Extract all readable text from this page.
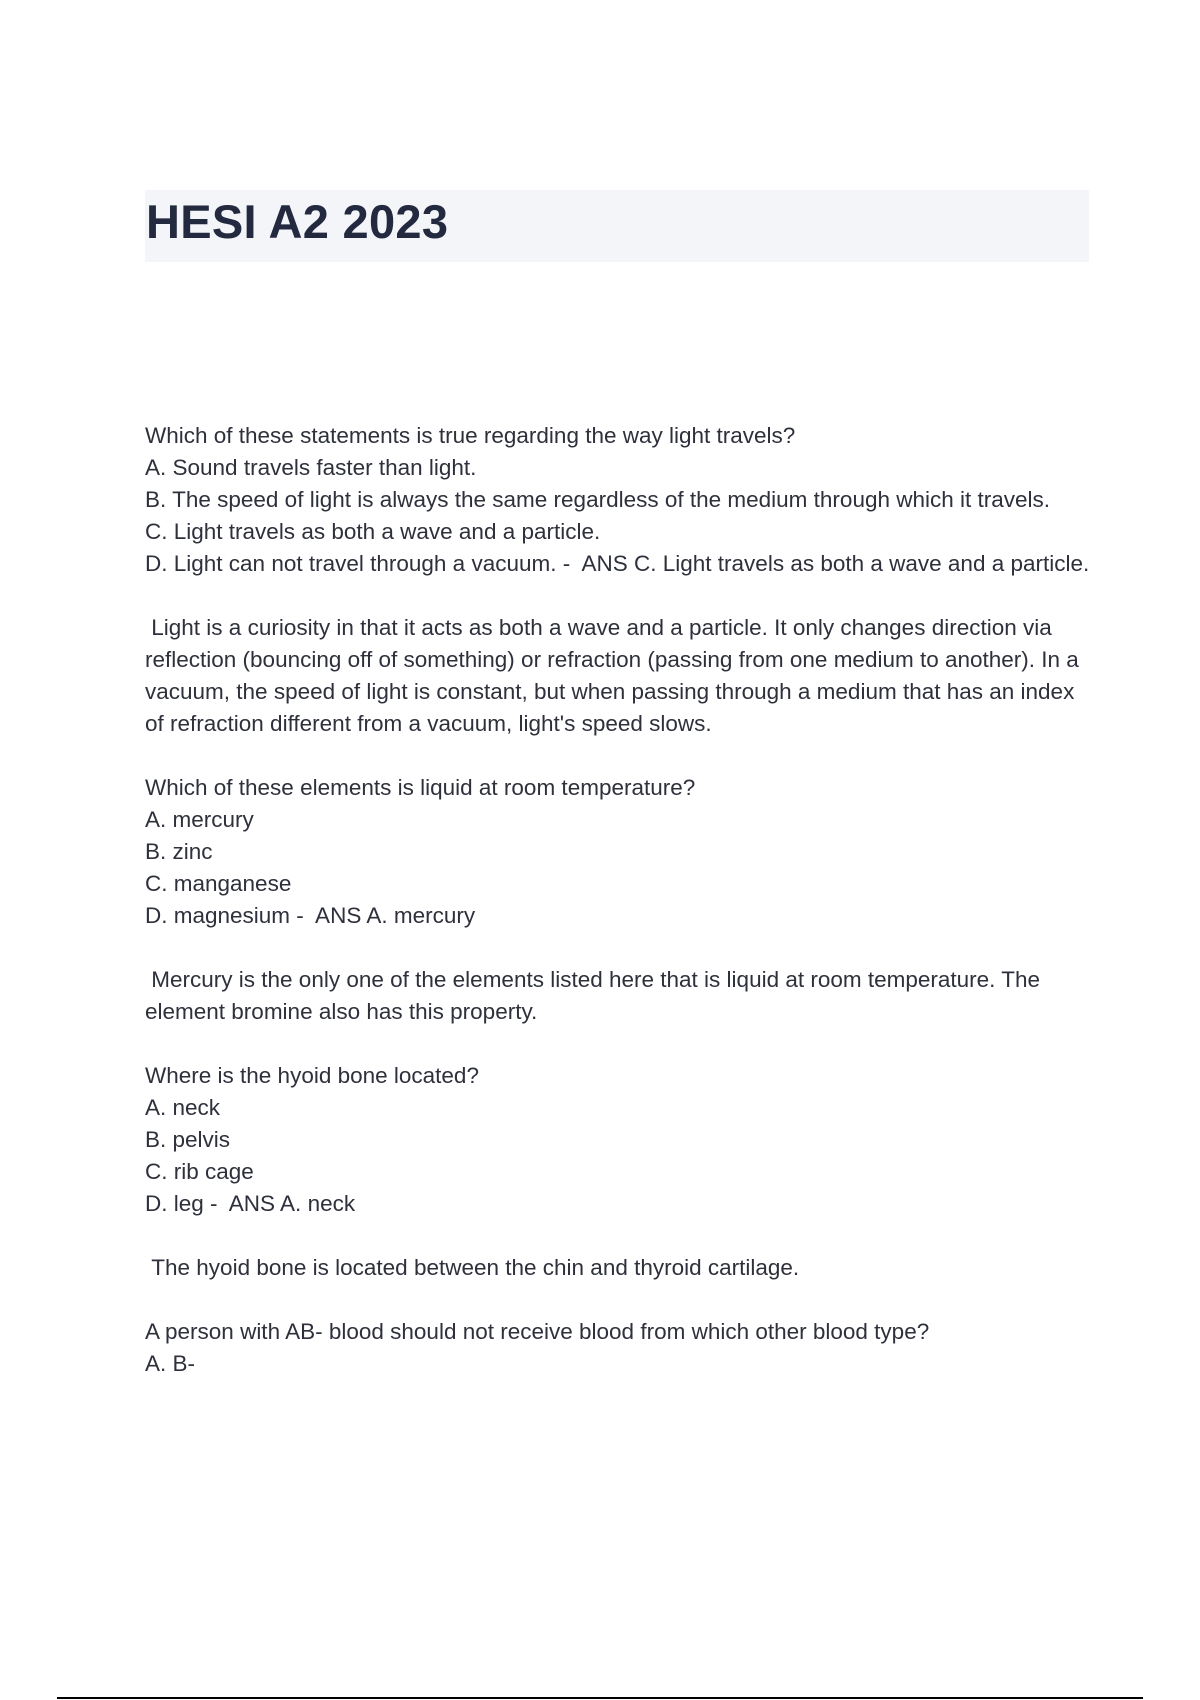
HESI A2 2023
Which of these statements is true regarding the way light travels?
A. Sound travels faster than light.
B. The speed of light is always the same regardless of the medium through which it travels.
C. Light travels as both a wave and a particle.
D. Light can not travel through a vacuum. -  ANS C. Light travels as both a wave and a particle.
Light is a curiosity in that it acts as both a wave and a particle. It only changes direction via reflection (bouncing off of something) or refraction (passing from one medium to another). In a vacuum, the speed of light is constant, but when passing through a medium that has an index of refraction different from a vacuum, light's speed slows.
Which of these elements is liquid at room temperature?
A. mercury
B. zinc
C. manganese
D. magnesium -  ANS A. mercury
Mercury is the only one of the elements listed here that is liquid at room temperature. The element bromine also has this property.
Where is the hyoid bone located?
A. neck
B. pelvis
C. rib cage
D. leg -  ANS A. neck
The hyoid bone is located between the chin and thyroid cartilage.
A person with AB- blood should not receive blood from which other blood type?
A. B-
